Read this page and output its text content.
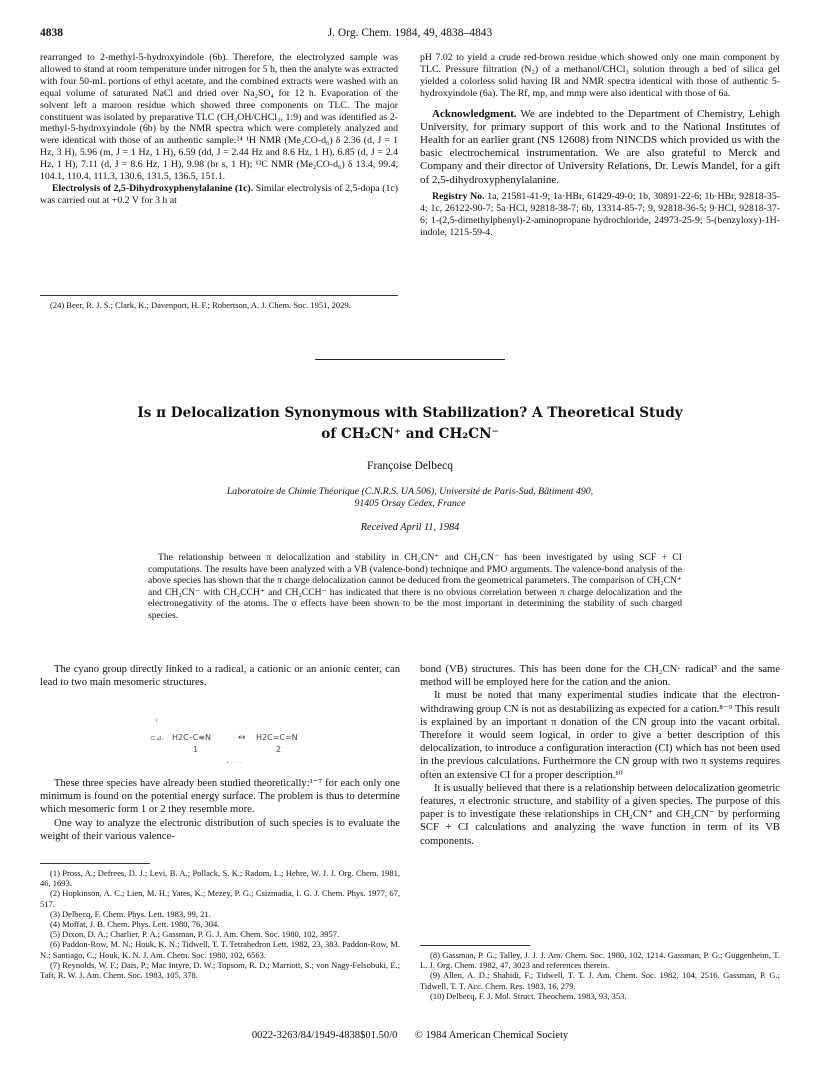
4838	J. Org. Chem. 1984, 49, 4838–4843

rearranged to 2-methyl-5-hydroxyindole (6b). Therefore, the electrolyzed sample was allowed to stand at room temperature under nitrogen for 5 h, then the analyte was extracted with four 50-mL portions of ethyl acetate, and the combined extracts were washed with an equal volume of saturated NaCl and dried over Na₂SO₄ for 12 h. Evaporation of the solvent left a maroon residue which showed three components on TLC. The major constituent was isolated by preparative TLC (CH₃OH/CHCl₃, 1:9) and was identified as 2-methyl-5-hydroxyindole (6b) by the NMR spectra which were completely analyzed and were identical with those of an authentic sample:²⁴ ¹H NMR (Me₂CO-d₆) δ 2.36 (d, J = 1 Hz, 3 H), 5.96 (m, J = 1 Hz, 1 H), 6.59 (dd, J = 2.44 Hz and 8.6 Hz, 1 H), 6.85 (d, J = 2.4 Hz, 1 H), 7.11 (d, J = 8.6 Hz, 1 H), 9.98 (br s, 1 H); ¹³C NMR (Me₂CO-d₆) δ 13.4, 99.4, 104.1, 110.4, 111.3, 130.6, 131.5, 136.5, 151.1.

Electrolysis of 2,5-Dihydroxyphenylalanine (1c). Similar electrolysis of 2,5-dopa (1c) was carried out at +0.2 V for 3 h at

(24) Beer, R. J. S.; Clark, K.; Davenport, H. F.; Robertson, A. J. Chem. Soc. 1951, 2029.

pH 7.02 to yield a crude red-brown residue which showed only one main component by TLC. Pressure filtration (N₂) of a methanol/CHCl₃ solution through a bed of silica gel yielded a colorless solid having IR and NMR spectra identical with those of authentic 5-hydroxyindole (6a). The Rf, mp, and mmp were also identical with those of 6a.

Acknowledgment. We are indebted to the Department of Chemistry, Lehigh University, for primary support of this work and to the National Institutes of Health for an earlier grant (NS 12608) from NINCDS which provided us with the basic electrochemical instrumentation. We are also grateful to Merck and Company and their director of University Relations, Dr. Lewis Mandel, for a gift of 2,5-dihydroxyphenylalanine.

Registry No. 1a, 21581-41-9; 1a·HBr, 61429-49-0; 1b, 30891-22-6; 1b·HBr, 92818-35-4; 1c, 26122-90-7; 5a·HCl, 92818-38-7; 6b, 13314-85-7; 9, 92818-36-5; 9·HCl, 92818-37-6; 1-(2,5-dimethylphenyl)-2-aminopropane hydrochloride, 24973-25-9; 5-(benzyloxy)-1H-indole, 1215-59-4.

Is π Delocalization Synonymous with Stabilization? A Theoretical Study
of CH₂CN⁺ and CH₂CN⁻
Françoise Delbecq
Laboratoire de Chimie Théorique (C.N.R.S. UA 506), Université de Paris-Sud, Bâtiment 490,
91405 Orsay Cedex, France
Received April 11, 1984
The relationship between π delocalization and stability in CH₂CN⁺ and CH₂CN⁻ has been investigated by using SCF + CI computations. The results have been analyzed with a VB (valence-bond) technique and PMO arguments. The valence-bond analysis of the above species has shown that the π charge delocalization cannot be deduced from the geometrical parameters. The comparison of CH₂CN⁺ and CH₂CN⁻ with CH₂CCH⁺ and CH₂CCH⁻ has indicated that there is no obvious correlation between π charge delocalization and the electronegativity of the atoms. The σ effects have been shown to be the most important in determining the stability of such charged species.

The cyano group directly linked to a radical, a cationic or an anionic center, can lead to two main mesomeric structures.

ı
⊂⊿. H2C–C≡N
1
↔ H2C=C=N
2
• · · · ·

These three species have already been studied theoretically:¹⁻⁷ for each only one minimum is found on the potential energy surface. The problem is thus to determine which mesomeric form 1 or 2 they resemble more.

One way to analyze the electronic distribution of such species is to evaluate the weight of their various valence-

(1) Pross, A.; Defrees, D. J.; Levi, B. A.; Pollack, S. K.; Radom, L.; Hehre, W. J. J. Org. Chem. 1981, 46, 1693.

(2) Hopkinson, A. C.; Lien, M. H.; Yates, K.; Mezey, P. G.; Csizmadia, I. G. J. Chem. Phys. 1977, 67, 517.

(3) Delbecq, F. Chem. Phys. Lett. 1983, 99, 21.

(4) Moffat, J. B. Chem. Phys. Lett. 1980, 76, 304.

(5) Dixon, D. A.; Charlier, P. A.; Gassman, P. G. J. Am. Chem. Soc. 1980, 102, 3957.

(6) Paddon-Row, M. N.; Houk, K. N.; Tidwell, T. T. Tetrahedron Lett. 1982, 23, 383. Paddon-Row, M. N.; Santiago, C.; Houk, K. N. J. Am. Chem. Soc. 1980, 102, 6563.

(7) Reynolds, W. F.; Dais, P.; Mac Intyre, D. W.; Topsom, R. D.; Marriott, S.; von Nagy-Felsobuki, E.; Taft, R. W. J. Am. Chem. Soc. 1983, 105, 378.

bond (VB) structures. This has been done for the CH₂CN· radical³ and the same method will be employed here for the cation and the anion.

It must be noted that many experimental studies indicate that the electron-withdrawing group CN is not as destabilizing as expected for a cation.⁸⁻⁹ This result is explained by an important π donation of the CN group into the vacant orbital. Therefore it would seem logical, in order to give a better description of this delocalization, to introduce a configuration interaction (CI) which has not been used in the previous calculations. Furthermore the CN group with two π systems requires often an extensive CI for a proper description.¹⁰

It is usually believed that there is a relationship between delocalization geometric features, π electronic structure, and stability of a given species. The purpose of this paper is to investigate these relationships in CH₂CN⁺ and CH₂CN⁻ by performing SCF + CI calculations and analyzing the wave function in term of its VB components.

(8) Gassman, P. G.; Talley, J. J. J. Am. Chem. Soc. 1980, 102, 1214. Gassman, P. G.; Guggenheim, T. L. J. Org. Chem. 1982, 47, 3023 and references therein.

(9) Allen, A. D.; Shahidi, F.; Tidwell, T. T. J. Am. Chem. Soc. 1982, 104, 2516. Gassman, P. G.; Tidwell, T. T. Acc. Chem. Res. 1983, 16, 279.

(10) Delbecq, F. J. Mol. Struct. Theochem. 1983, 93, 353.

0022-3263/84/1949-4838$01.50/0 © 1984 American Chemical Society
